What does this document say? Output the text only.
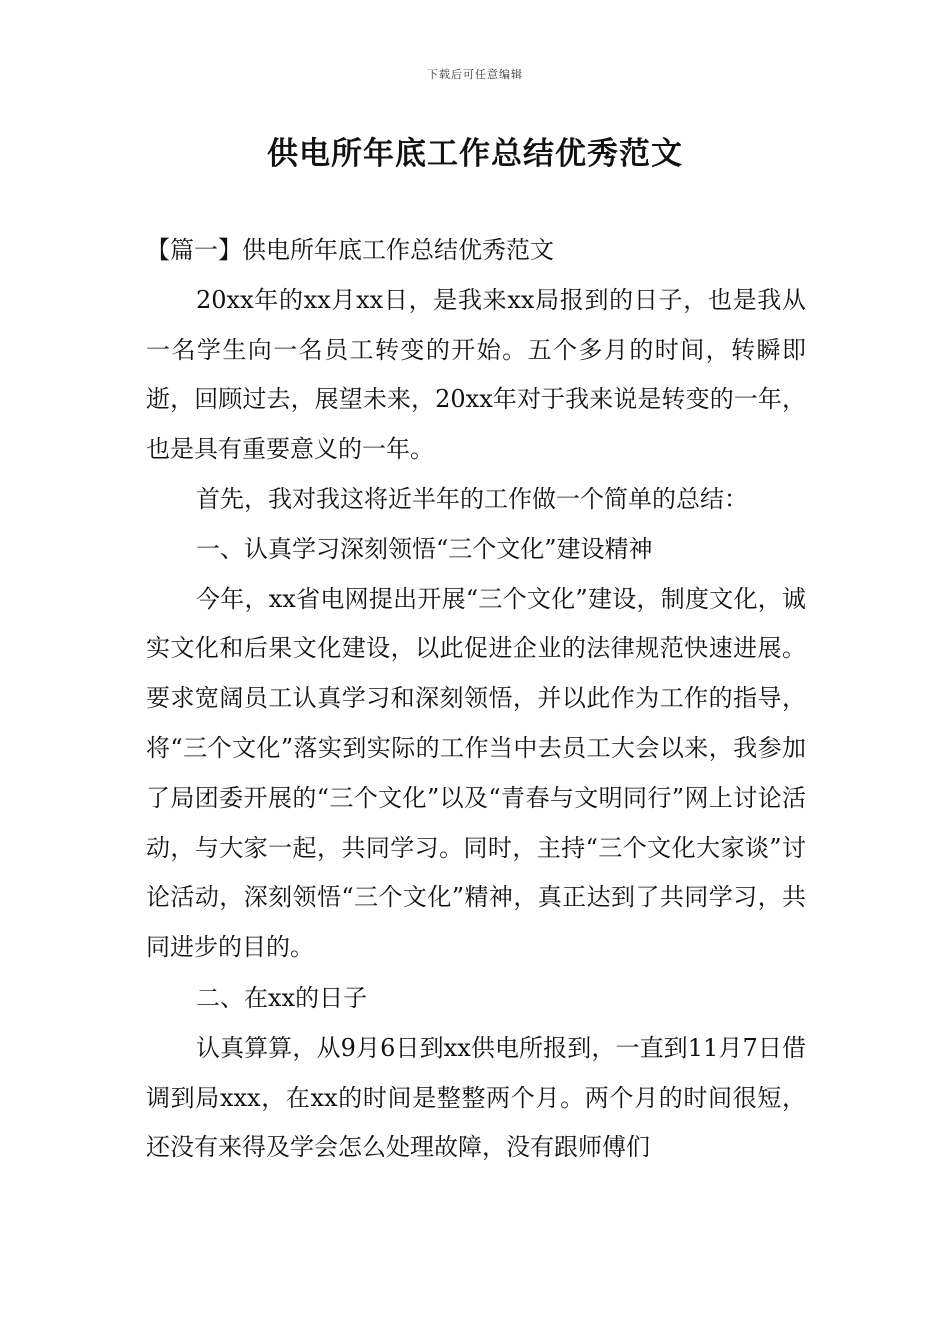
下载后可任意编辑
供电所年底工作总结优秀范文

【篇一】供电所年底工作总结优秀范文

20xx年的xx月xx日，是我来xx局报到的日子，也是我从一名学生向一名员工转变的开始。五个多月的时间，转瞬即逝，回顾过去，展望未来，20xx年对于我来说是转变的一年，也是具有重要意义的一年。

首先，我对我这将近半年的工作做一个简单的总结：

一、认真学习深刻领悟“三个文化”建设精神

今年，xx省电网提出开展“三个文化”建设，制度文化，诚实文化和后果文化建设，以此促进企业的法律规范快速进展。要求宽阔员工认真学习和深刻领悟，并以此作为工作的指导，将“三个文化”落实到实际的工作当中去员工大会以来，我参加了局团委开展的“三个文化”以及“青春与文明同行”网上讨论活动，与大家一起，共同学习。同时，主持“三个文化大家谈”讨论活动，深刻领悟“三个文化”精神，真正达到了共同学习，共同进步的目的。

二、在xx的日子

认真算算，从9月6日到xx供电所报到，一直到11月7日借调到局xxx，在xx的时间是整整两个月。两个月的时间很短，还没有来得及学会怎么处理故障，没有跟师傅们
